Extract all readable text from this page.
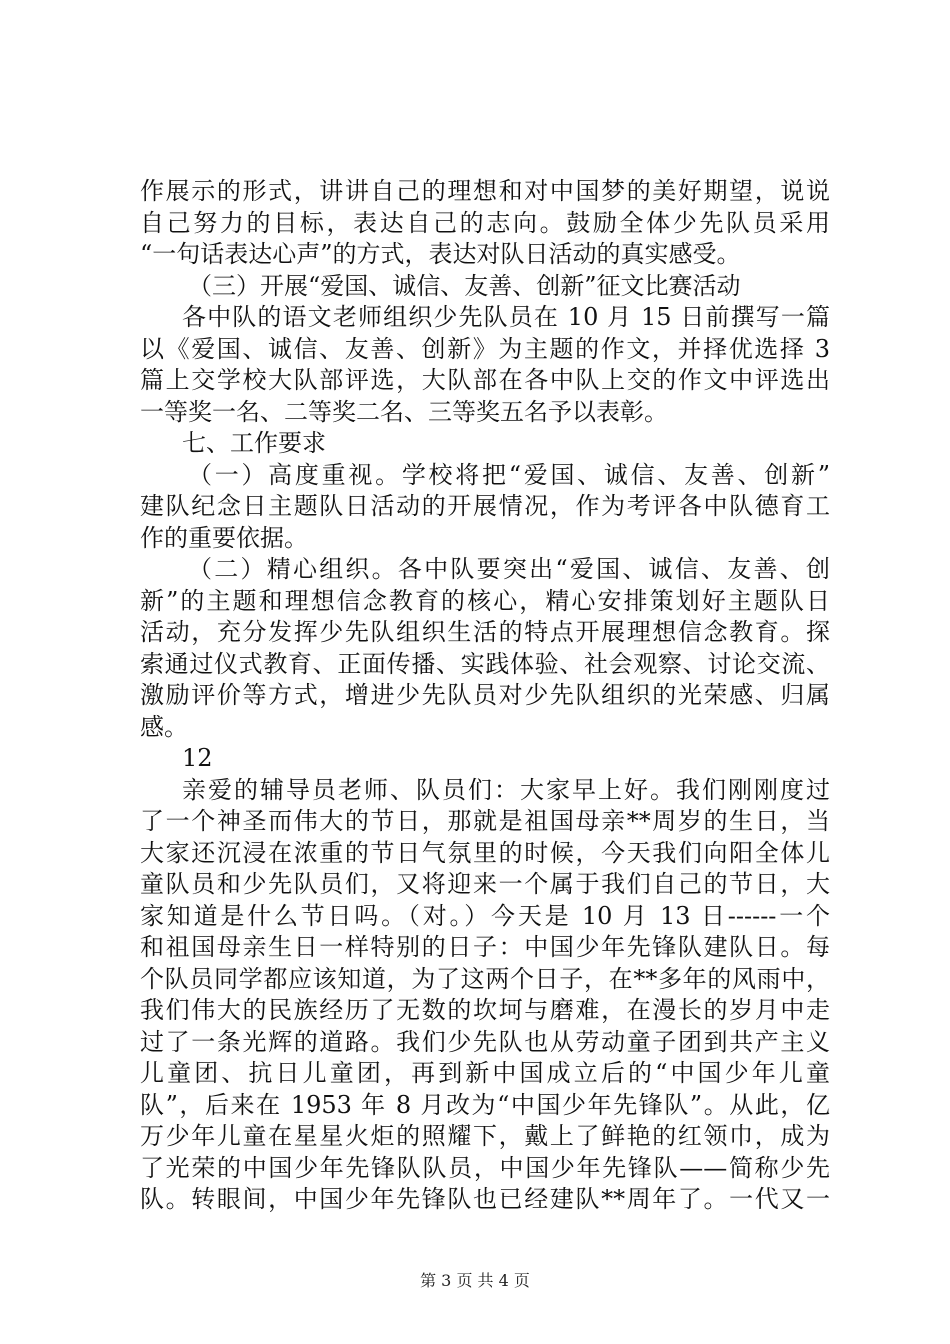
作展示的形式，讲讲自己的理想和对中国梦的美好期望，说说
自己努力的目标，表达自己的志向。鼓励全体少先队员采用
“一句话表达心声”的方式，表达对队日活动的真实感受。
（三）开展“爱国、诚信、友善、创新”征文比赛活动
各中队的语文老师组织少先队员在 10 月 15 日前撰写一篇
以《爱国、诚信、友善、创新》为主题的作文，并择优选择 3
篇上交学校大队部评选，大队部在各中队上交的作文中评选出
一等奖一名、二等奖二名、三等奖五名予以表彰。
七、工作要求
（一）高度重视。学校将把“爱国、诚信、友善、创新”
建队纪念日主题队日活动的开展情况，作为考评各中队德育工
作的重要依据。
（二）精心组织。各中队要突出“爱国、诚信、友善、创
新”的主题和理想信念教育的核心，精心安排策划好主题队日
活动，充分发挥少先队组织生活的特点开展理想信念教育。探
索通过仪式教育、正面传播、实践体验、社会观察、讨论交流、
激励评价等方式，增进少先队员对少先队组织的光荣感、归属
感。
12
亲爱的辅导员老师、队员们：大家早上好。我们刚刚度过
了一个神圣而伟大的节日，那就是祖国母亲**周岁的生日，当
大家还沉浸在浓重的节日气氛里的时候，今天我们向阳全体儿
童队员和少先队员们，又将迎来一个属于我们自己的节日，大
家知道是什么节日吗。（对。）今天是 10 月 13 日------一个
和祖国母亲生日一样特别的日子：中国少年先锋队建队日。每
个队员同学都应该知道，为了这两个日子，在**多年的风雨中，
我们伟大的民族经历了无数的坎坷与磨难，在漫长的岁月中走
过了一条光辉的道路。我们少先队也从劳动童子团到共产主义
儿童团、抗日儿童团，再到新中国成立后的“中国少年儿童
队”，后来在 1953 年 8 月改为“中国少年先锋队”。从此，亿
万少年儿童在星星火炬的照耀下，戴上了鲜艳的红领巾，成为
了光荣的中国少年先锋队队员，中国少年先锋队——简称少先
队。转眼间，中国少年先锋队也已经建队**周年了。一代又一
第 3 页 共 4 页
